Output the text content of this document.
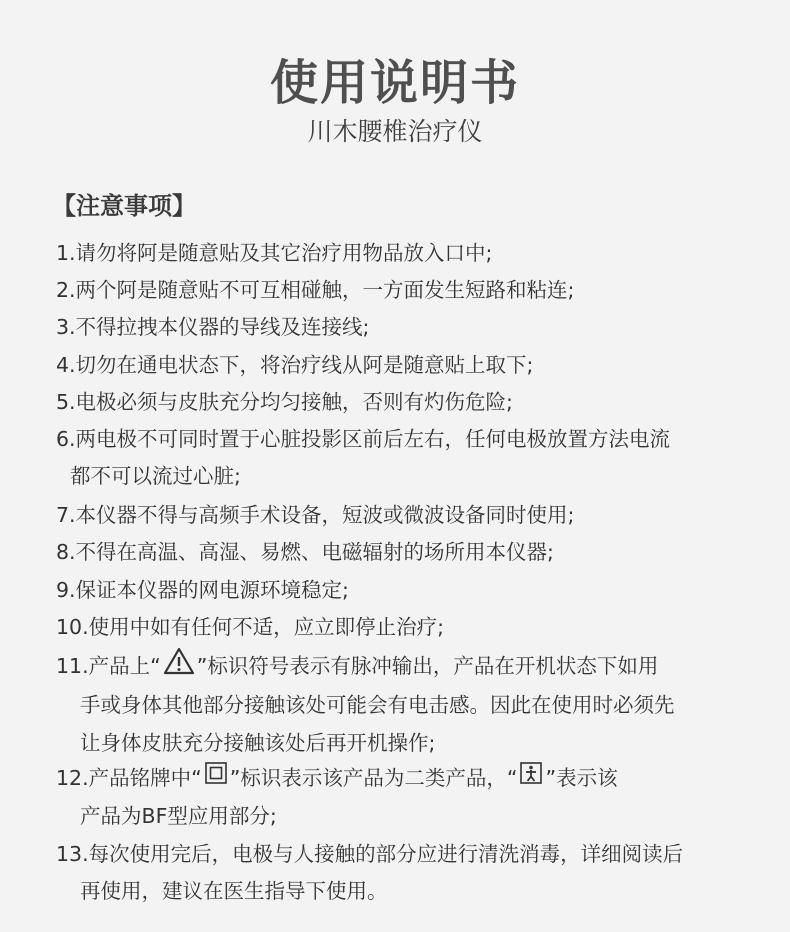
使用说明书
川木腰椎治疗仪
【注意事项】
1.请勿将阿是随意贴及其它治疗用物品放入口中;
2.两个阿是随意贴不可互相碰触，一方面发生短路和粘连;
3.不得拉拽本仪器的导线及连接线;
4.切勿在通电状态下，将治疗线从阿是随意贴上取下;
5.电极必须与皮肤充分均匀接触，否则有灼伤危险;
6.两电极不可同时置于心脏投影区前后左右，任何电极放置方法电流
都不可以流过心脏;
7.本仪器不得与高频手术设备，短波或微波设备同时使用;
8.不得在高温、高湿、易燃、电磁辐射的场所用本仪器;
9.保证本仪器的网电源环境稳定;
10.使用中如有任何不适，应立即停止治疗;
11.产品上“ ”标识符号表示有脉冲输出，产品在开机状态下如用
手或身体其他部分接触该处可能会有电击感。因此在使用时必须先
让身体皮肤充分接触该处后再开机操作;
12.产品铭牌中“ ”标识表示该产品为二类产品，“ ”表示该
产品为BF型应用部分;
13.每次使用完后，电极与人接触的部分应进行清洗消毒，详细阅读后
再使用，建议在医生指导下使用。
